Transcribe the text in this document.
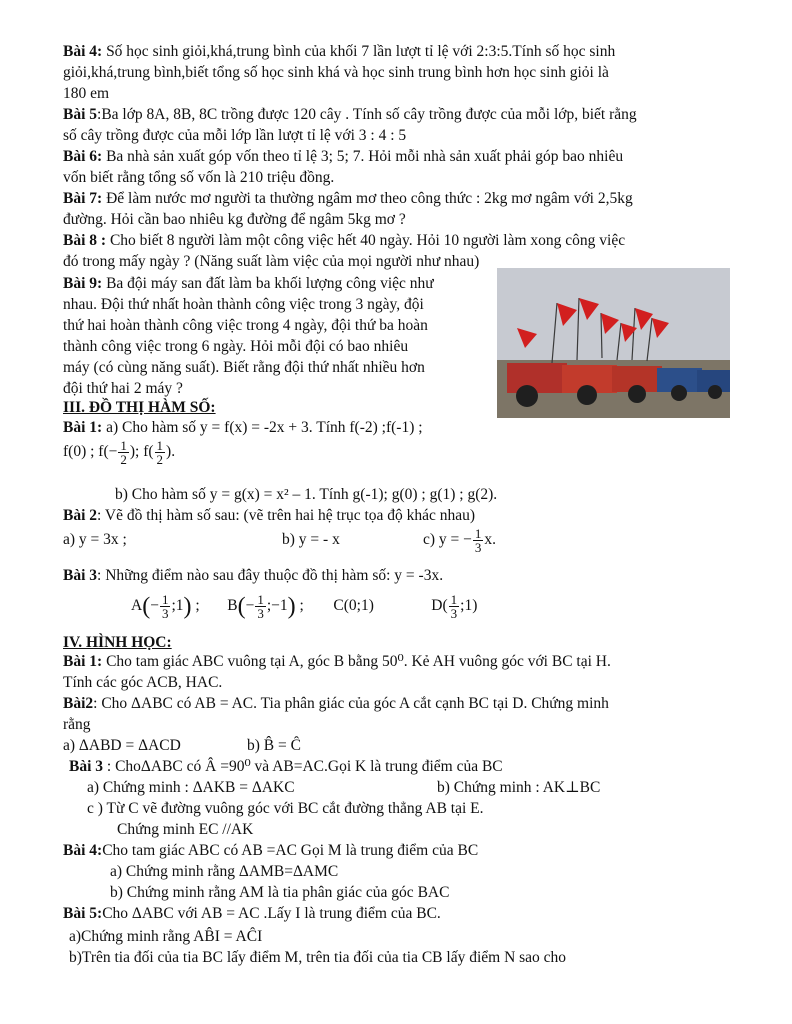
Bài 4: Số học sinh giỏi,khá,trung bình của khối 7 lần lượt tỉ lệ với 2:3:5.Tính số học sinh
giỏi,khá,trung bình,biết tổng số học sinh khá và học sinh trung bình hơn học sinh giỏi là
180 em
Bài 5:Ba lớp 8A, 8B, 8C trồng được 120 cây . Tính số cây trồng được của mỗi lớp, biết rằng
số cây trồng được của mỗi lớp lần lượt tỉ lệ với 3 : 4 : 5
Bài 6: Ba nhà sản xuất góp vốn theo tỉ lệ 3; 5; 7. Hỏi mỗi nhà sản xuất phải góp bao nhiêu
vốn biết rằng tổng số vốn là 210 triệu đồng.
Bài 7: Để làm nước mơ người ta thường ngâm mơ theo công thức : 2kg mơ ngâm với 2,5kg
đường. Hỏi cần bao nhiêu kg đường để ngâm 5kg mơ ?
Bài 8 : Cho biết 8 người làm một công việc hết 40 ngày. Hỏi 10 người làm xong công việc
đó trong mấy ngày ? (Năng suất làm việc của mọi người như nhau)
Bài 9: Ba đội máy san đất làm ba khối lượng công việc như
nhau. Đội thứ nhất hoàn thành công việc trong 3 ngày, đội
thứ hai hoàn thành công việc trong 4 ngày, đội thứ ba hoàn
thành công việc trong 6 ngày. Hỏi mỗi đội có bao nhiêu
máy (có cùng năng suất). Biết rằng đội thứ nhất nhiều hơn
đội thứ hai 2 máy ?
III. ĐỒ THỊ HÀM SỐ:
Bài 1: a) Cho hàm số y = f(x) = -2x + 3. Tính f(-2) ;f(-1) ;
f(0) ; $f(- \frac{1}{2}$ ); $f( \frac{1}{2}$ ).
b) Cho hàm số y = g(x) = x² – 1. Tính g(-1); g(0) ; g(1) ; g(2).
Bài 2: Vẽ đồ thị hàm số sau: (vẽ trên hai hệ trục tọa độ khác nhau)
a) y = 3x ;	b) y = - x	c) y = − $\frac{1}{3} x$.
Bài 3: Những điểm nào sau đây thuộc đồ thị hàm số: y = -3x.
$A(- \frac{1}{3}$ ;1) ; $B(- \frac{1}{3}$ ;−1) ; C(0;1)	$D( \frac{1}{3}$ ;1)
IV. HÌNH HỌC:
Bài 1: Cho tam giác ABC vuông tại A, góc B bằng 50⁰. Kẻ AH vuông góc với BC tại H.
Tính các góc ACB, HAC.
Bài2: Cho ΔABC có AB = AC. Tia phân giác của góc A cắt cạnh BC tại D. Chứng minh
rằng
a) ΔABD = ΔACD	b) B̂ = Ĉ
Bài 3 : ChoΔABC có Â =90⁰ và AB=AC.Gọi K là trung điểm của BC
a) Chứng minh : ΔAKB = ΔAKC	b) Chứng minh : AK⊥BC
c ) Từ C vẽ đường vuông góc với BC cắt đường thẳng AB tại E.
Chứng minh EC //AK
Bài 4:Cho tam giác ABC có AB =AC Gọi M là trung điểm của BC
a) Chứng minh rằng ΔAMB=ΔAMC
b) Chứng minh rằng AM là tia phân giác của góc BAC
Bài 5:Cho ΔABC với AB = AC .Lấy I là trung điểm của BC.
a)Chứng minh rằng AB̂I = AĈI
b)Trên tia đối của tia BC lấy điểm M, trên tia đối của tia CB lấy điểm N sao cho
